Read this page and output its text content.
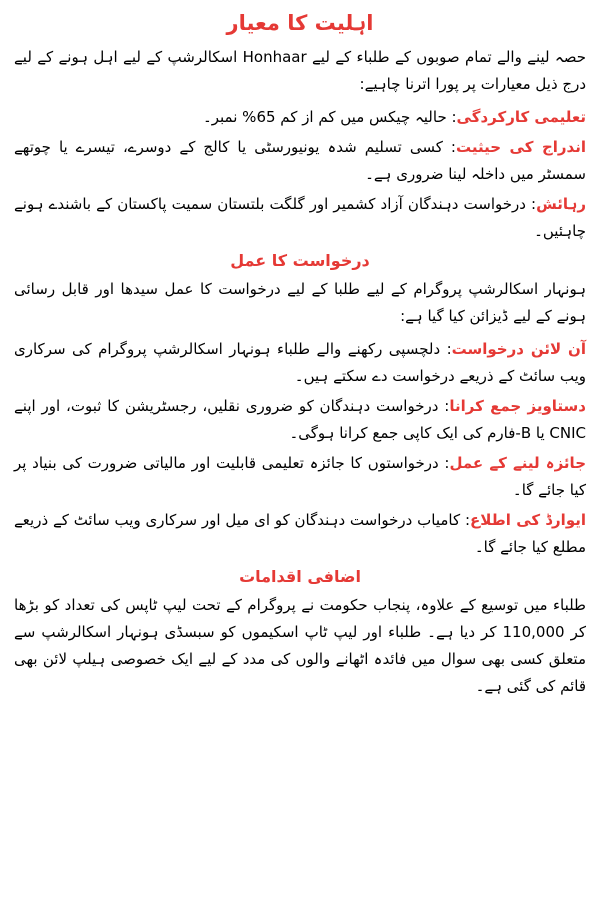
اہلیت کا معیار

حصہ لینے والے تمام صوبوں کے طلباء کے لیے Honhaar اسکالرشپ کے لیے اہل ہونے کے لیے درج ذیل معیارات پر پورا اترنا چاہیے:

تعلیمی کارکردگی: حالیہ چیکس میں کم از کم 65% نمبر۔

اندراج کی حیثیت: کسی تسلیم شدہ یونیورسٹی یا کالج کے دوسرے، تیسرے یا چوتھے سمسٹر میں داخلہ لینا ضروری ہے۔

رہائش: درخواست دہندگان آزاد کشمیر اور گلگت بلتستان سمیت پاکستان کے باشندے ہونے چاہئیں۔

درخواست کا عمل

ہونہار اسکالرشپ پروگرام کے لیے طلبا کے لیے درخواست کا عمل سیدھا اور قابل رسائی ہونے کے لیے ڈیزائن کیا گیا ہے:

آن لائن درخواست: دلچسپی رکھنے والے طلباء ہونہار اسکالرشپ پروگرام کی سرکاری ویب سائٹ کے ذریعے درخواست دے سکتے ہیں۔

دستاویز جمع کرانا: درخواست دہندگان کو ضروری نقلیں، رجسٹریشن کا ثبوت، اور اپنے CNIC یا B-فارم کی ایک کاپی جمع کرانا ہوگی۔

جائزہ لینے کے عمل: درخواستوں کا جائزہ تعلیمی قابلیت اور مالیاتی ضرورت کی بنیاد پر کیا جائے گا۔

ایوارڈ کی اطلاع: کامیاب درخواست دہندگان کو ای میل اور سرکاری ویب سائٹ کے ذریعے مطلع کیا جائے گا۔

اضافی اقدامات

طلباء میں توسیع کے علاوہ، پنجاب حکومت نے پروگرام کے تحت لیپ ٹاپس کی تعداد کو بڑھا کر 110,000 کر دیا ہے۔ طلباء اور لیپ ٹاپ اسکیموں کو سبسڈی ہونہار اسکالرشپ سے متعلق کسی بھی سوال میں فائدہ اٹھانے والوں کی مدد کے لیے ایک خصوصی ہیلپ لائن بھی قائم کی گئی ہے۔
